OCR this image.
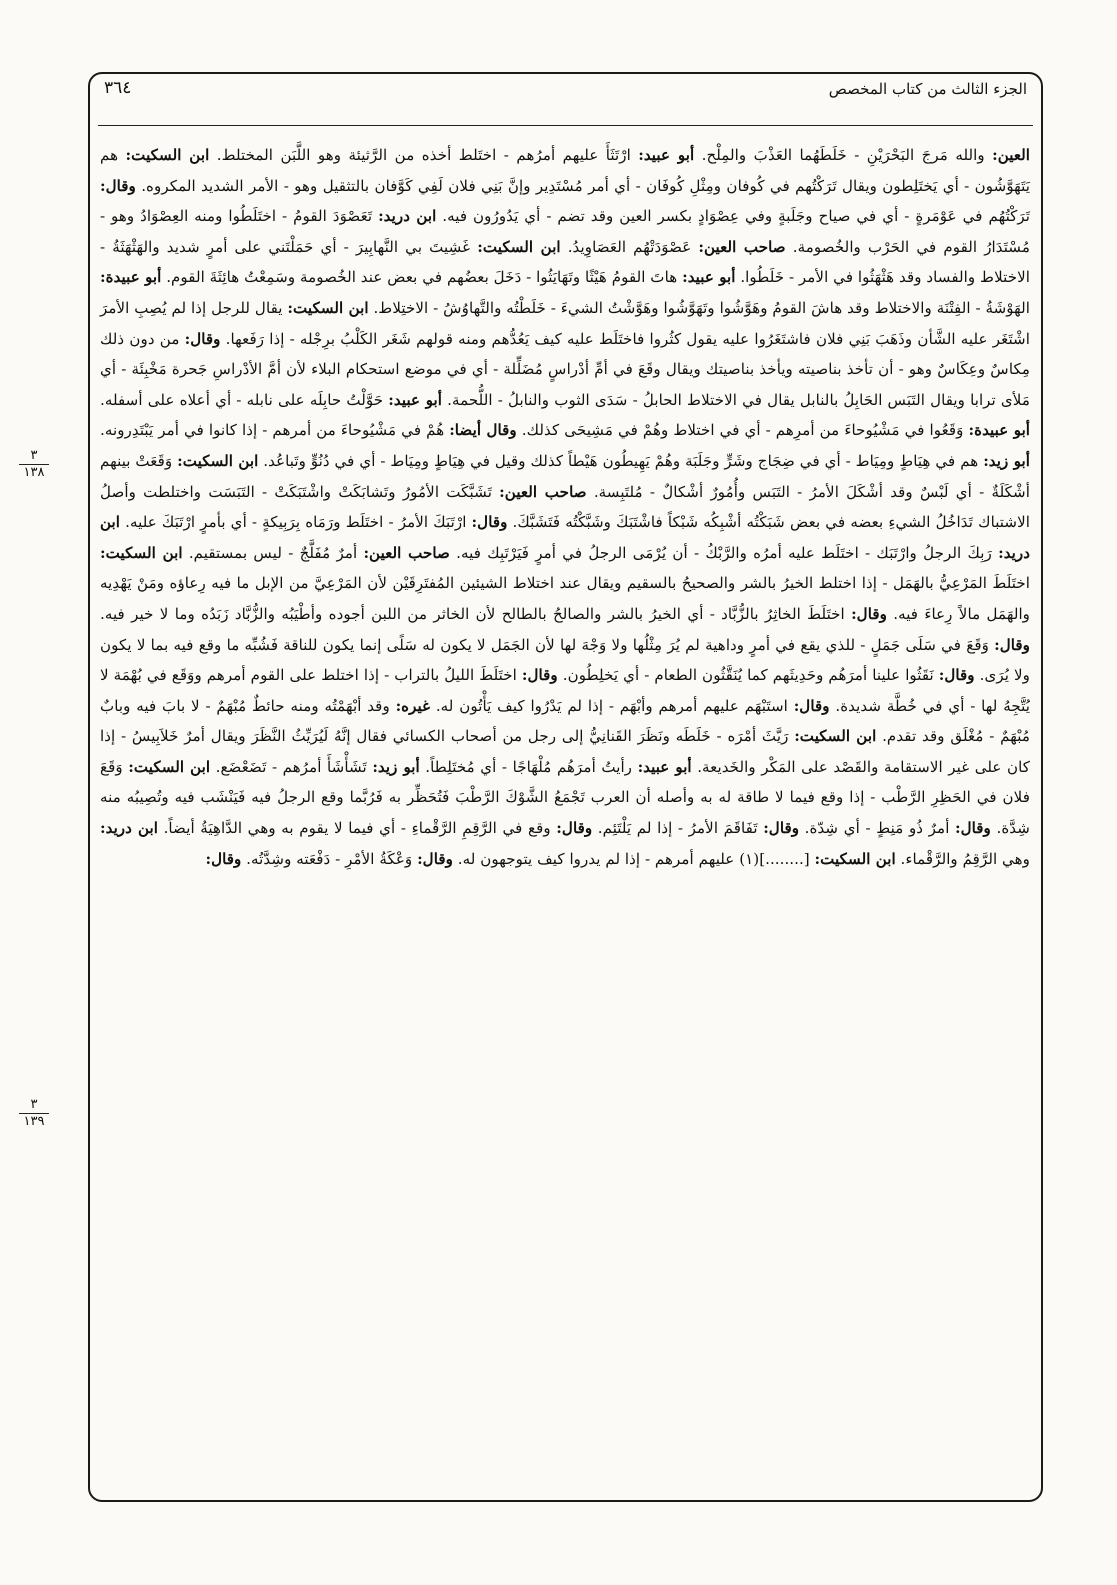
الجزء الثالث من كتاب المخصص
٣٦٤
٣
١٣٨
٣
١٣٩

العين: والله مَرجَ البَحْرَيْنِ - خَلَطَهُما العَذْبَ والمِلْح. أبو عبيد: ارْتَثَأَ عليهم أمرُهم - اختَلط أخذه من الرَّثيئة وهو اللَّبَن المختلط. ابن السكيت: هم يَتَهَوَّشُون - أي يَختَلِطون ويقال تَرَكْتُهم في كُوفان ومِثْلِ كُوفَان - أي أمر مُسْتَدِير وإنَّ بَنِي فلان لَفِي كَوَّفان بالتثقيل وهو - الأمر الشديد المكروه. وقال: تَرَكْتُهُم في عَوْمَرةٍ - أي في صياح وجَلَبةٍ وفي عِصْوَادٍ بكسر العين وقد تضم - أي يَدُورُون فيه. ابن دريد: تَعَصْوَدَ القومُ - اختَلَطُوا ومنه العِصْوَادُ وهو - مُسْتَدَارُ القوم في الحَرْب والخُصومة. صاحب العين: عَصْوَدَتْهُم العَصَاوِيدُ. ابن السكيت: غَشِيتَ بي النَّهابِيرَ - أي حَمَلْتَني على أمرٍ شديد والهَثْهَثَةُ - الاختلاط والفساد وقد هَثْهَثُوا في الأمر - خَلَطُوا. أبو عبيد: هاتَ القومُ هَيْثًا وتَهَايَثُوا - دَخَلَ بعضُهم في بعض عند الخُصومة وسَمِعْتُ هائِثَةَ القوم. أبو عبيدة: الهَوْشَةُ - الفِتْنَة والاختلاط وقد هاشَ القومُ وهَوَّشُوا وتَهَوَّشُوا وهَوَّشْتُ الشيءَ - خَلَطْتُه والتَّهاوُشُ - الاختِلاط. ابن السكيت: يقال للرجل إذا لم يُصِبِ الأمرَ اشْتَغَر عليه الشَّأن وذَهَبَ بَنِي فلان فاشتَغَرُوا عليه يقول كثُروا فاختَلَط عليه كيف يَعُدُّهم ومنه قولهم شَغَر الكَلْبُ برِجْله - إذا رَفَعها. وقال: من دون ذلك مِكاسٌ وعِكَاسٌ وهو - أن تأخذ بناصيته ويأخذ بناصيتك ويقال وقَعَ في أمِّ أدْراسٍ مُضَلِّلة - أي في موضع استحكام البلاء لأن أمَّ الأدْراسِ جَحرة مَخْبِئَة - أي مَلأى ترابا ويقال التَبَس الحَابِلُ بالنابل يقال في الاختلاط الحابلُ - سَدَى الثوب والنابلُ - اللُّحمة. أبو عبيد: حَوَّلْتُ حابِلَه على نابله - أي أعلاه على أسفله. أبو عبيدة: وَقَعُوا في مَشْيُوحاءَ من أمرِهم - أي في اختلاط وهُمْ في مَشِيحَى كذلك. وقال أيضا: هُمْ في مَشْيُوحاءَ من أمرهم - إذا كانوا في أمر يَبْتَدِرونه. أبو زيد: هم في هِيَاطٍ ومِيَاط - أي في ضِجَاج وشَرٍّ وجَلَبَة وهُمْ يَهِيطُون هَيْطاً كذلك وقيل في هِيَاطٍ ومِيَاط - أي في دُنُوٍّ وتَباعُد. ابن السكيت: وَقَعَتْ بينهم أشْكَلَةٌ - أي لَبْسٌ وقد أشْكَلَ الأمرُ - التَبَس وأُمُورٌ أشْكالٌ - مُلتَبِسة. صاحب العين: تَشَبَّكَت الأمُورُ وتَشابَكَتْ واشْتَبَكَتْ - التَبَسَت واختلطت وأصلُ الاشتباك تَدَاخُلُ الشيءِ بعضه في بعض شَبَكْتُه أشْبِكُه شَبْكاً فاشْتَبَكَ وشَبَّكْتُه فَتَشَبَّكَ. وقال: ارْتَبَكَ الأمرُ - اختَلَط ورَمَاه بِرَبِيكةٍ - أي بأمرٍ ارْتَبَكَ عليه. ابن دريد: رَبِكَ الرجلُ وارْتَبَك - اختَلَط عليه أمرُه والرَّبْكُ - أن يُرْمَى الرجلُ في أمرٍ فَيَرْتَبِك فيه. صاحب العين: أمرٌ مُفَلَّجٌ - ليس بمستقيم. ابن السكيت: اختَلَطَ المَرْعِيُّ بالهَمَل - إذا اختلط الخيرُ بالشر والصحيحُ بالسقيم ويقال عند اختلاط الشيئين المُفتَرِقَيْن لأن المَرْعِيَّ من الإبل ما فيه رِعاؤه ومَنْ يَهْدِيه والهَمَل مالاً رِعاءَ فيه. وقال: اختَلَطَ الخاثِرُ بالزُّبَّاد - أي الخيرُ بالشر والصالحُ بالطالح لأن الخاثر من اللبن أجوده وأطْيَبُه والزُّبَّاد زَبَدُه وما لا خير فيه. وقال: وَقَعَ في سَلَى جَمَلٍ - للذي يقع في أمرٍ وداهية لم يُرَ مِثْلُها ولا وَجْهَ لها لأن الجَمَل لا يكون له سَلًى إنما يكون للناقة فَشُبِّه ما وقع فيه بما لا يكون ولا يُرَى. وقال: نَقَثُوا علينا أمرَهُم وحَدِيثَهم كما يُنَقَّثُون الطعام - أي يَخلِطُون. وقال: اختَلَطَ الليلُ بالتراب - إذا اختلط على القوم أمرهم ووَقَع في بُهْمَة لا يُتَّجِهُ لها - أي في خُطَّة شديدة. وقال: استَبْهَم عليهم أمرهم وأبْهَم - إذا لم يَدْرُوا كيف يَأْتُون له. غيره: وقد أبْهَمْتُه ومنه حائطٌ مُبْهَمٌ - لا بابَ فيه وبابٌ مُبْهَمٌ - مُغْلَق وقد تقدم. ابن السكيت: رَيَّثَ أمْرَه - خَلَطَه ونَظَرَ القَنانِيُّ إلى رجل من أصحاب الكسائي فقال إنَّهُ لَيُرَيِّثُ النَّظَرَ ويقال أمرٌ خَلاَبِيسُ - إذا كان على غير الاستقامة والقَصْد على المَكْر والخَديعة. أبو عبيد: رأيتُ أمرَهُم مُلْهَاجًا - أي مُختَلِطاً. أبو زيد: تَشَأْشَأَ أمرُهم - تَضَعْضَع. ابن السكيت: وَقَعَ فلان في الحَظِرِ الرَّطْب - إذا وقع فيما لا طاقة له به وأصله أن العرب تَجْمَعُ الشَّوْكَ الرَّطْبَ فَتُحَظِّر به فَرُبَّما وقع الرجلُ فيه فَيَنْشَب فيه وتُصِيبُه منه شِدَّة. وقال: أمرٌ ذُو مَنِطٍ - أي شِدّة. وقال: تَفَاقَمَ الأمرُ - إذا لم يَلْتَئِم. وقال: وقع في الرَّقِمِ الرَّقْماءِ - أي فيما لا يقوم به وهي الدَّاهِيَةُ أيضاً. ابن دريد: وهي الرَّقِمُ والرَّقْماء. ابن السكيت: [........](١) عليهم أمرهم - إذا لم يدروا كيف يتوجهون له. وقال: وَعْكَةُ الأمْرِ - دَفْعَته وشِدَّتُه. وقال:
